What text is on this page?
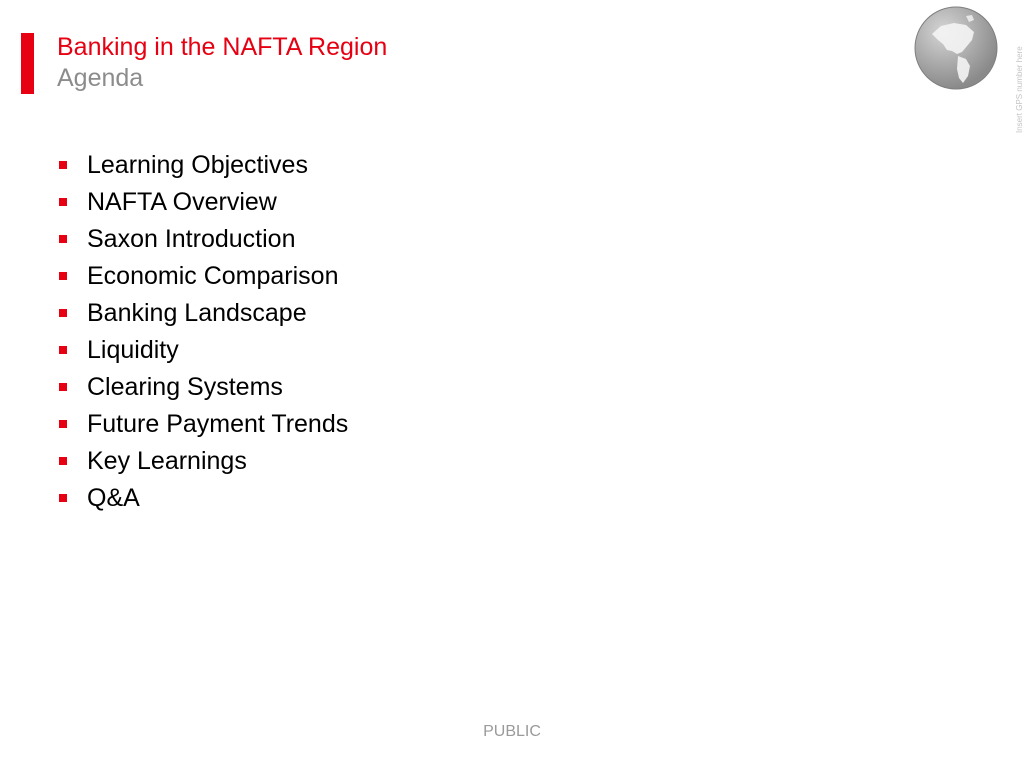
Banking in the NAFTA Region
Agenda	Insert GPS number here
Learning Objectives
NAFTA Overview
Saxon Introduction
Economic Comparison
Banking Landscape
Liquidity
Clearing Systems
Future Payment Trends
Key Learnings
Q&A
PUBLIC
